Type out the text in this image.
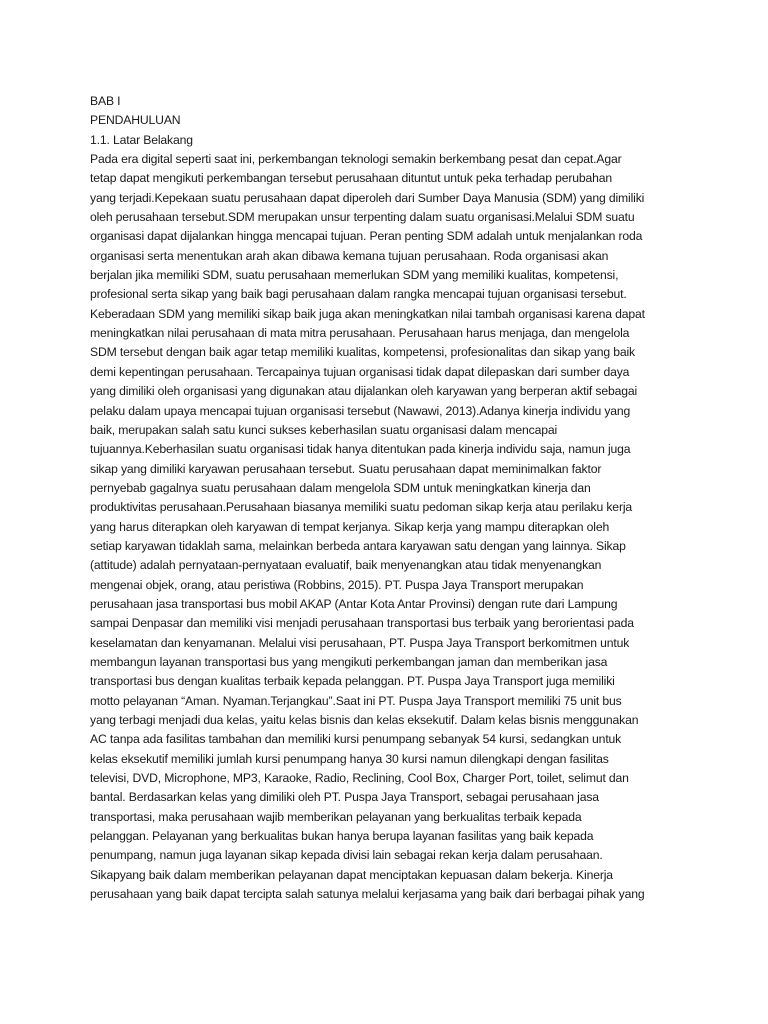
BAB I
PENDAHULUAN
1.1. Latar Belakang
Pada era digital seperti saat ini, perkembangan teknologi semakin berkembang pesat dan cepat.Agar
tetap dapat mengikuti perkembangan tersebut perusahaan dituntut untuk peka terhadap perubahan
yang terjadi.Kepekaan suatu perusahaan dapat diperoleh dari Sumber Daya Manusia (SDM) yang dimiliki
oleh perusahaan tersebut.SDM merupakan unsur terpenting dalam suatu organisasi.Melalui SDM suatu
organisasi dapat dijalankan hingga mencapai tujuan. Peran penting SDM adalah untuk menjalankan roda
organisasi serta menentukan arah akan dibawa kemana tujuan perusahaan. Roda organisasi akan
berjalan jika memiliki SDM, suatu perusahaan memerlukan SDM yang memiliki kualitas, kompetensi,
profesional serta sikap yang baik bagi perusahaan dalam rangka mencapai tujuan organisasi tersebut.
Keberadaan SDM yang memiliki sikap baik juga akan meningkatkan nilai tambah organisasi karena dapat
meningkatkan nilai perusahaan di mata mitra perusahaan. Perusahaan harus menjaga, dan mengelola
SDM tersebut dengan baik agar tetap memiliki kualitas, kompetensi, profesionalitas dan sikap yang baik
demi kepentingan perusahaan. Tercapainya tujuan organisasi tidak dapat dilepaskan dari sumber daya
yang dimiliki oleh organisasi yang digunakan atau dijalankan oleh karyawan yang berperan aktif sebagai
pelaku dalam upaya mencapai tujuan organisasi tersebut (Nawawi, 2013).Adanya kinerja individu yang
baik, merupakan salah satu kunci sukses keberhasilan suatu organisasi dalam mencapai
tujuannya.Keberhasilan suatu organisasi tidak hanya ditentukan pada kinerja individu saja, namun juga
sikap yang dimiliki karyawan perusahaan tersebut. Suatu perusahaan dapat meminimalkan faktor
pernyebab gagalnya suatu perusahaan dalam mengelola SDM untuk meningkatkan kinerja dan
produktivitas perusahaan.Perusahaan biasanya memiliki suatu pedoman sikap kerja atau perilaku kerja
yang harus diterapkan oleh karyawan di tempat kerjanya. Sikap kerja yang mampu diterapkan oleh
setiap karyawan tidaklah sama, melainkan berbeda antara karyawan satu dengan yang lainnya. Sikap
(attitude) adalah pernyataan-pernyataan evaluatif, baik menyenangkan atau tidak menyenangkan
mengenai objek, orang, atau peristiwa (Robbins, 2015). PT. Puspa Jaya Transport merupakan
perusahaan jasa transportasi bus mobil AKAP (Antar Kota Antar Provinsi) dengan rute dari Lampung
sampai Denpasar dan memiliki visi menjadi perusahaan transportasi bus terbaik yang berorientasi pada
keselamatan dan kenyamanan. Melalui visi perusahaan, PT. Puspa Jaya Transport berkomitmen untuk
membangun layanan transportasi bus yang mengikuti perkembangan jaman dan memberikan jasa
transportasi bus dengan kualitas terbaik kepada pelanggan. PT. Puspa Jaya Transport juga memiliki
motto pelayanan “Aman. Nyaman.Terjangkau”.Saat ini PT. Puspa Jaya Transport memiliki 75 unit bus
yang terbagi menjadi dua kelas, yaitu kelas bisnis dan kelas eksekutif. Dalam kelas bisnis menggunakan
AC tanpa ada fasilitas tambahan dan memiliki kursi penumpang sebanyak 54 kursi, sedangkan untuk
kelas eksekutif memiliki jumlah kursi penumpang hanya 30 kursi namun dilengkapi dengan fasilitas
televisi, DVD, Microphone, MP3, Karaoke, Radio, Reclining, Cool Box, Charger Port, toilet, selimut dan
bantal. Berdasarkan kelas yang dimiliki oleh PT. Puspa Jaya Transport, sebagai perusahaan jasa
transportasi, maka perusahaan wajib memberikan pelayanan yang berkualitas terbaik kepada
pelanggan. Pelayanan yang berkualitas bukan hanya berupa layanan fasilitas yang baik kepada
penumpang, namun juga layanan sikap kepada divisi lain sebagai rekan kerja dalam perusahaan.
Sikapyang baik dalam memberikan pelayanan dapat menciptakan kepuasan dalam bekerja. Kinerja
perusahaan yang baik dapat tercipta salah satunya melalui kerjasama yang baik dari berbagai pihak yang
